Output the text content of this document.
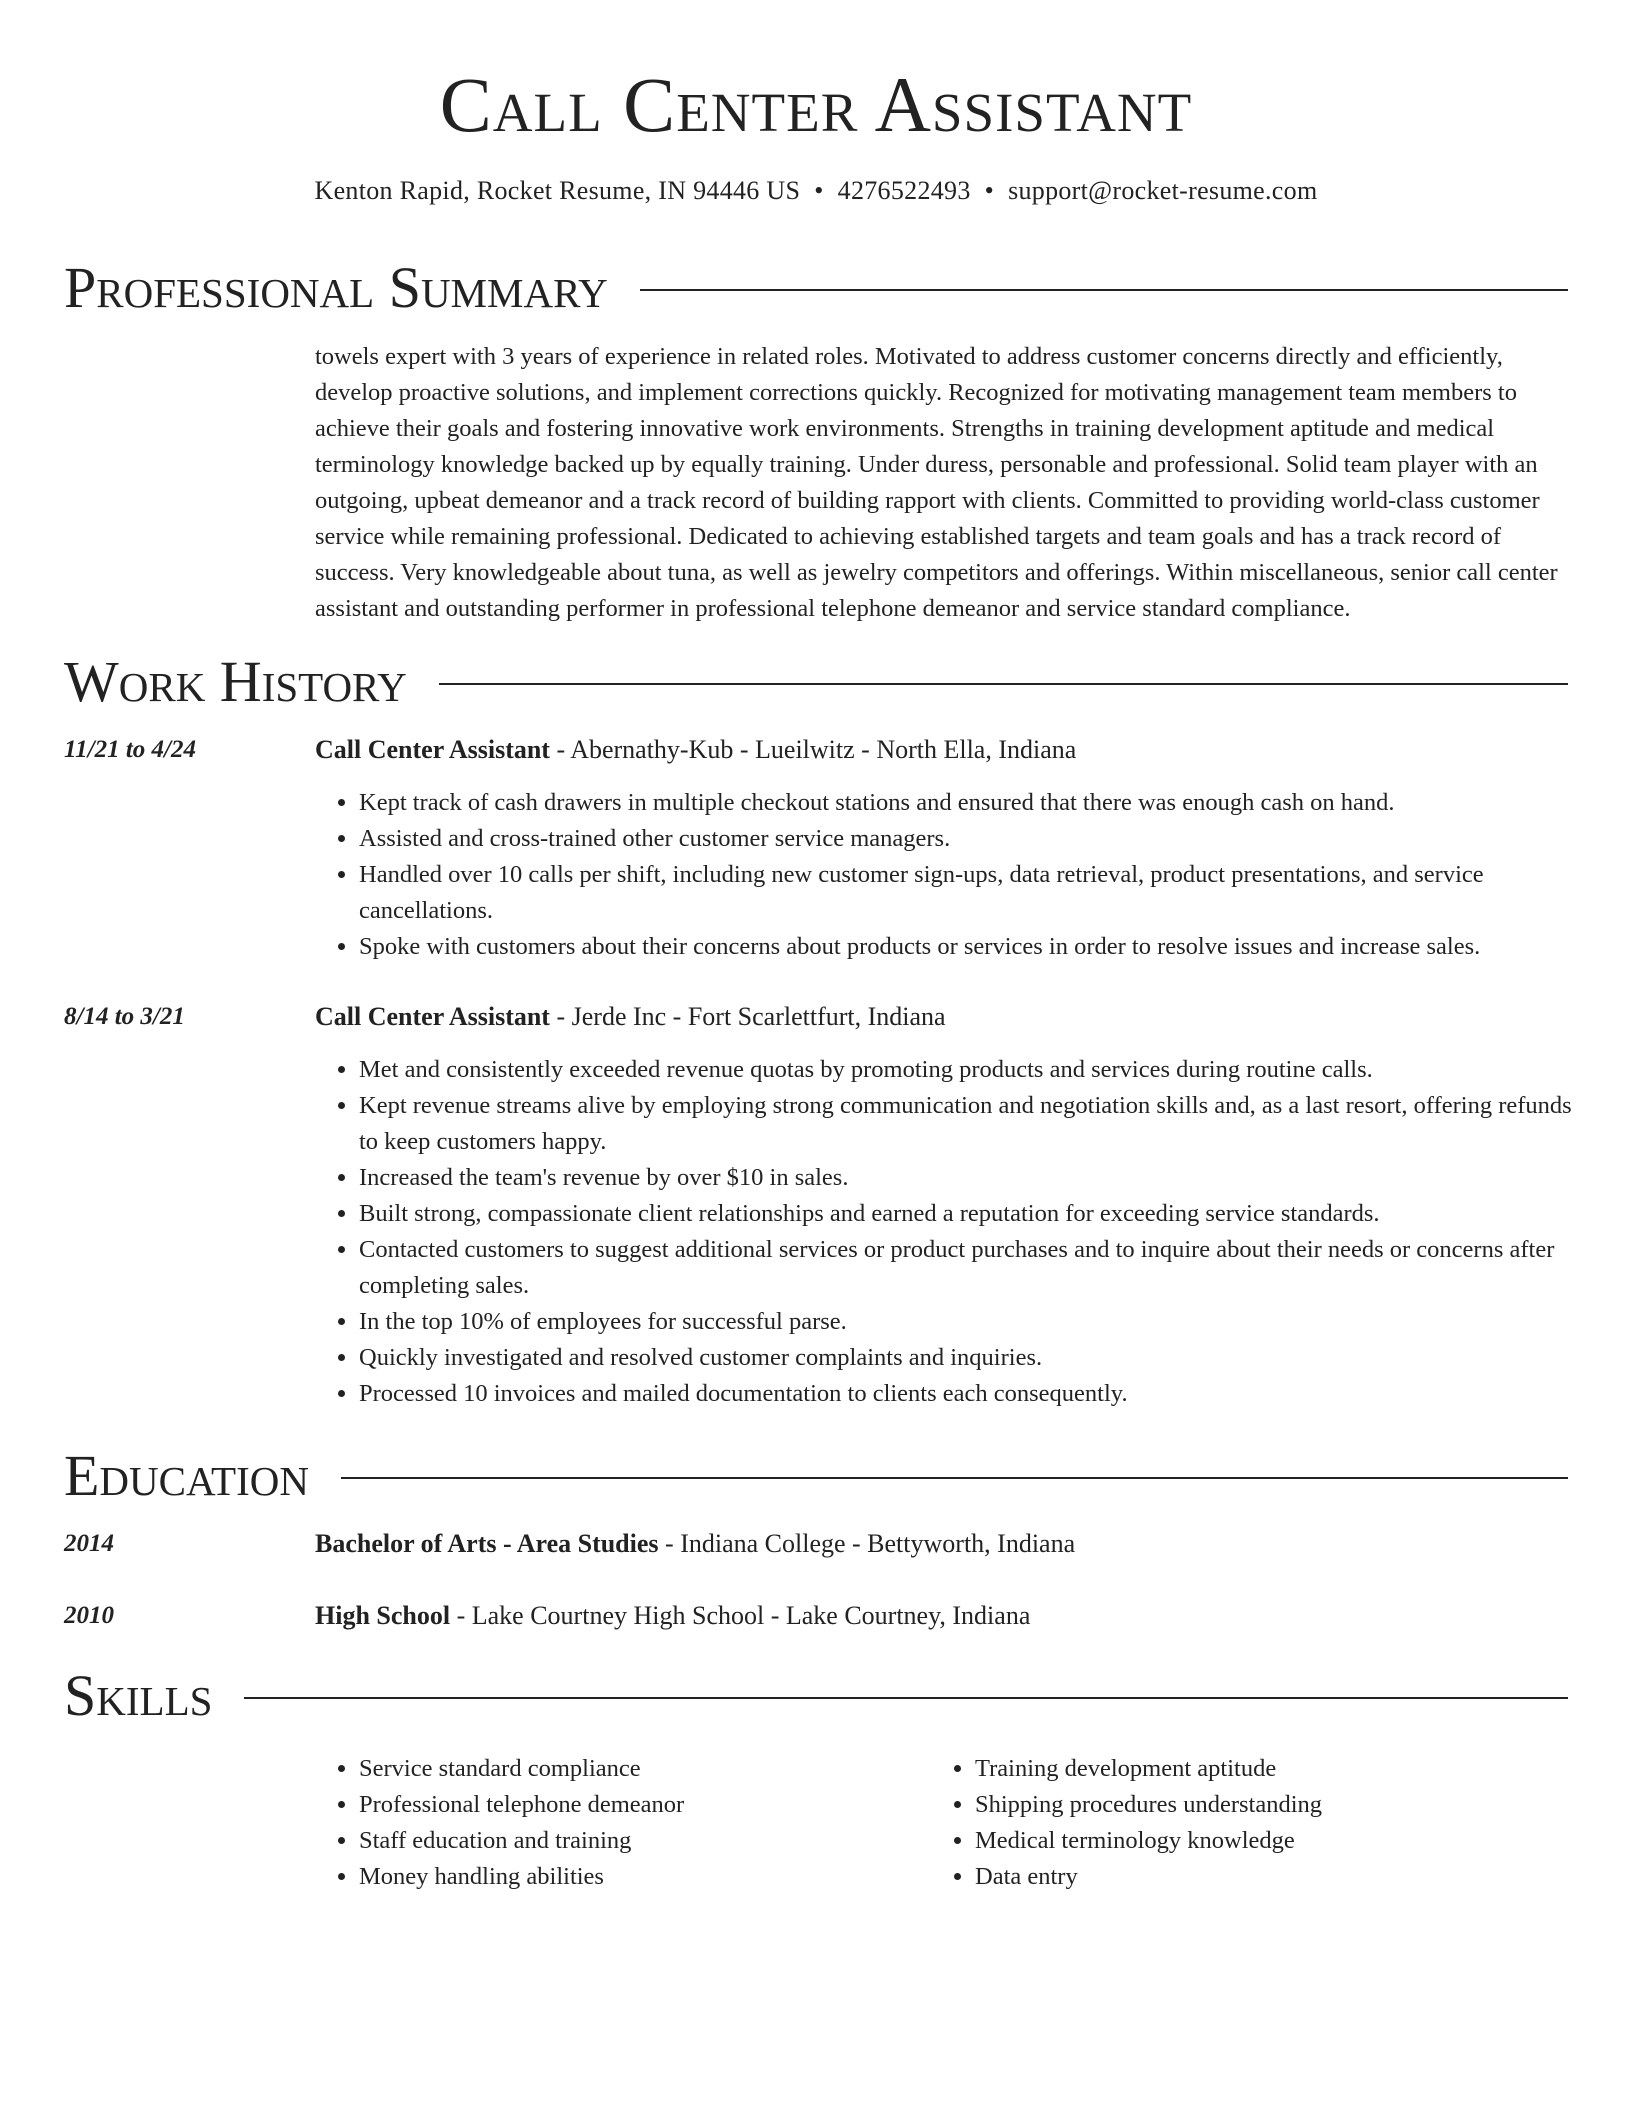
Call Center Assistant
Kenton Rapid, Rocket Resume, IN 94446 US • 4276522493 • support@rocket-resume.com
Professional Summary

towels expert with 3 years of experience in related roles. Motivated to address customer concerns directly and efficiently, develop proactive solutions, and implement corrections quickly. Recognized for motivating management team members to achieve their goals and fostering innovative work environments. Strengths in training development aptitude and medical terminology knowledge backed up by equally training. Under duress, personable and professional. Solid team player with an outgoing, upbeat demeanor and a track record of building rapport with clients. Committed to providing world-class customer service while remaining professional. Dedicated to achieving established targets and team goals and has a track record of success. Very knowledgeable about tuna, as well as jewelry competitors and offerings. Within miscellaneous, senior call center assistant and outstanding performer in professional telephone demeanor and service standard compliance.

Work History
11/21 to 4/24	Call Center Assistant - Abernathy-Kub - Lueilwitz - North Ella, Indiana
• Kept track of cash drawers in multiple checkout stations and ensured that there was enough cash on hand.
• Assisted and cross-trained other customer service managers.
• Handled over 10 calls per shift, including new customer sign-ups, data retrieval, product presentations, and service cancellations.
• Spoke with customers about their concerns about products or services in order to resolve issues and increase sales.
8/14 to 3/21	Call Center Assistant - Jerde Inc - Fort Scarlettfurt, Indiana
• Met and consistently exceeded revenue quotas by promoting products and services during routine calls.
• Kept revenue streams alive by employing strong communication and negotiation skills and, as a last resort, offering refunds to keep customers happy.
• Increased the team's revenue by over $10 in sales.
• Built strong, compassionate client relationships and earned a reputation for exceeding service standards.
• Contacted customers to suggest additional services or product purchases and to inquire about their needs or concerns after completing sales.
• In the top 10% of employees for successful parse.
• Quickly investigated and resolved customer complaints and inquiries.
• Processed 10 invoices and mailed documentation to clients each consequently.
Education
2014	Bachelor of Arts - Area Studies - Indiana College - Bettyworth, Indiana
2010	High School - Lake Courtney High School - Lake Courtney, Indiana
Skills
• Service standard compliance
• Professional telephone demeanor
• Staff education and training
• Money handling abilities
• Training development aptitude
• Shipping procedures understanding
• Medical terminology knowledge
• Data entry
